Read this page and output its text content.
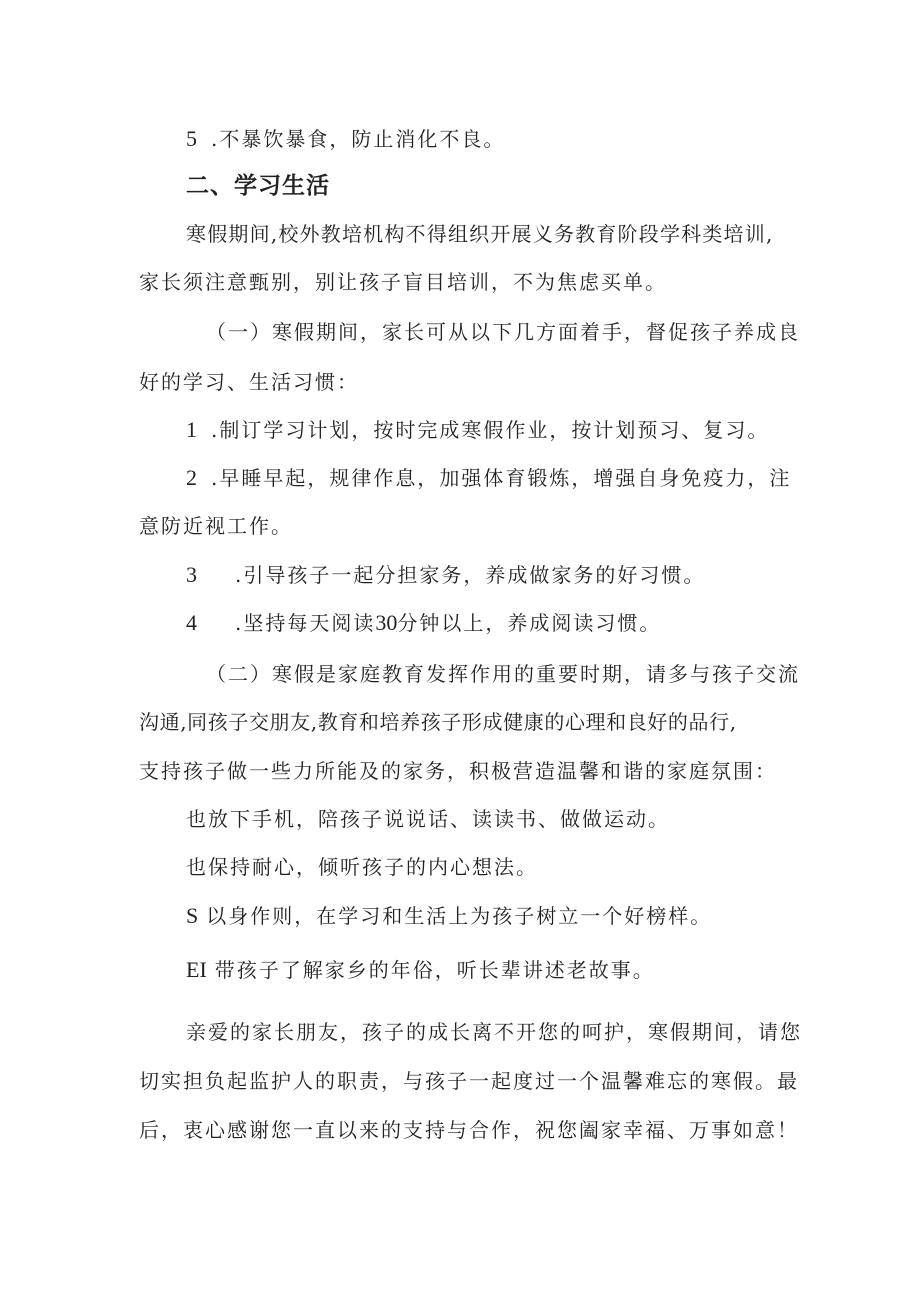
5 .不暴饮暴食，防止消化不良。
二、学习生活
寒假期间,校外教培机构不得组织开展义务教育阶段学科类培训,
家长须注意甄别，别让孩子盲目培训，不为焦虑买单。
（一）寒假期间，家长可从以下几方面着手，督促孩子养成良
好的学习、生活习惯：
1 .制订学习计划，按时完成寒假作业，按计划预习、复习。
2 .早睡早起，规律作息，加强体育锻炼，增强自身免疫力，注
意防近视工作。
3 .引导孩子一起分担家务，养成做家务的好习惯。
4 .坚持每天阅读30分钟以上，养成阅读习惯。
（二）寒假是家庭教育发挥作用的重要时期，请多与孩子交流
沟通,同孩子交朋友,教育和培养孩子形成健康的心理和良好的品行,
支持孩子做一些力所能及的家务，积极营造温馨和谐的家庭氛围：
也放下手机，陪孩子说说话、读读书、做做运动。
也保持耐心，倾听孩子的内心想法。
S 以身作则，在学习和生活上为孩子树立一个好榜样。
EI 带孩子了解家乡的年俗，听长辈讲述老故事。
亲爱的家长朋友，孩子的成长离不开您的呵护，寒假期间，请您
切实担负起监护人的职责，与孩子一起度过一个温馨难忘的寒假。最
后，衷心感谢您一直以来的支持与合作，祝您阖家幸福、万事如意！
